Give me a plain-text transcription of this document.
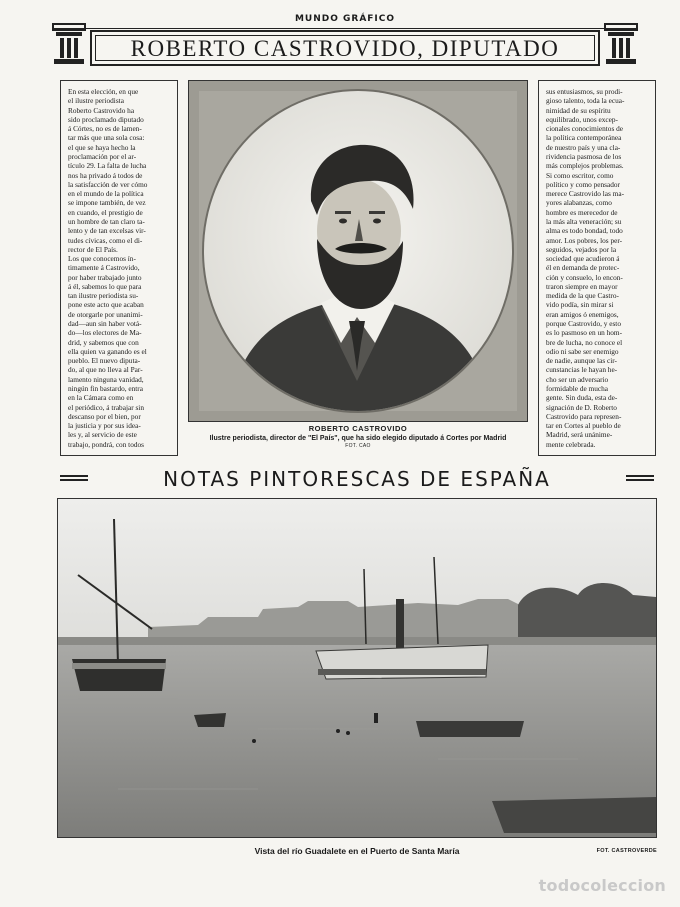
MUNDO GRÁFICO
ROBERTO CASTROVIDO, DIPUTADO
En esta elección, en que
el ilustre periodista
Roberto Castrovido ha
sido proclamado diputado
á Córtes, no es de lamen-
tar más que una sola cosa:
el que se haya hecho la
proclamación por el ar-
tículo 29. La falta de lucha
nos ha privado á todos de
la satisfacción de ver cómo
en el mundo de la política
se impone también, de vez
en cuando, el prestigio de
un hombre de tan claro ta-
lento y de tan excelsas vir-
tudes cívicas, como el di-
rector de El País.
Los que conocemos ín-
timamente á Castrovido,
por haber trabajado junto
á él, sabemos lo que para
tan ilustre periodista su-
pone este acto que acaban
de otorgarle por unanimi-
dad—aun sin haber votá-
do—los electores de Ma-
drid, y sabemos que con
ella quien va ganando es el
pueblo. El nuevo diputa-
do, al que no lleva al Par-
lamento ninguna vanidad,
ningún fin bastardo, entra
en la Cámara como en
el periódico, á trabajar sin
descanso por el bien, por
la justicia y por sus idea-
les y, al servicio de este
trabajo, pondrá, con todos
ROBERTO CASTROVIDO
Ilustre periodista, director de "El País", que ha sido elegido diputado á Cortes por Madrid
FOT. CAO
sus entusiasmos, su prodi-
gioso talento, toda la ecua-
nimidad de su espíritu
equilibrado, unos excep-
cionales conocimientos de
la política contemporánea
de nuestro país y una cla-
rividencia pasmosa de los
más complejos problemas.
Si como escritor, como
político y como pensador
merece Castrovido las ma-
yores alabanzas, como
hombre es merecedor de
la más alta veneración; su
alma es todo bondad, todo
amor. Los pobres, los per-
seguidos, vejados por la
sociedad que acudieron á
él en demanda de protec-
ción y consuelo, lo encon-
traron siempre en mayor
medida de la que Castro-
vido podía, sin mirar si
eran amigos ó enemigos,
porque Castrovido, y esto
es lo pasmoso en un hom-
bre de lucha, no conoce el
odio ni sabe ser enemigo
de nadie, aunque las cir-
cunstancias le hayan he-
cho ser un adversario
formidable de mucha
gente. Sin duda, esta de-
signación de D. Roberto
Castrovido para represen-
tar en Cortes al pueblo de
Madrid, será unánime-
mente celebrada.
NOTAS PINTORESCAS DE ESPAÑA
Vista del río Guadalete en el Puerto de Santa María	FOT. CASTROVERDE
todocoleccion
